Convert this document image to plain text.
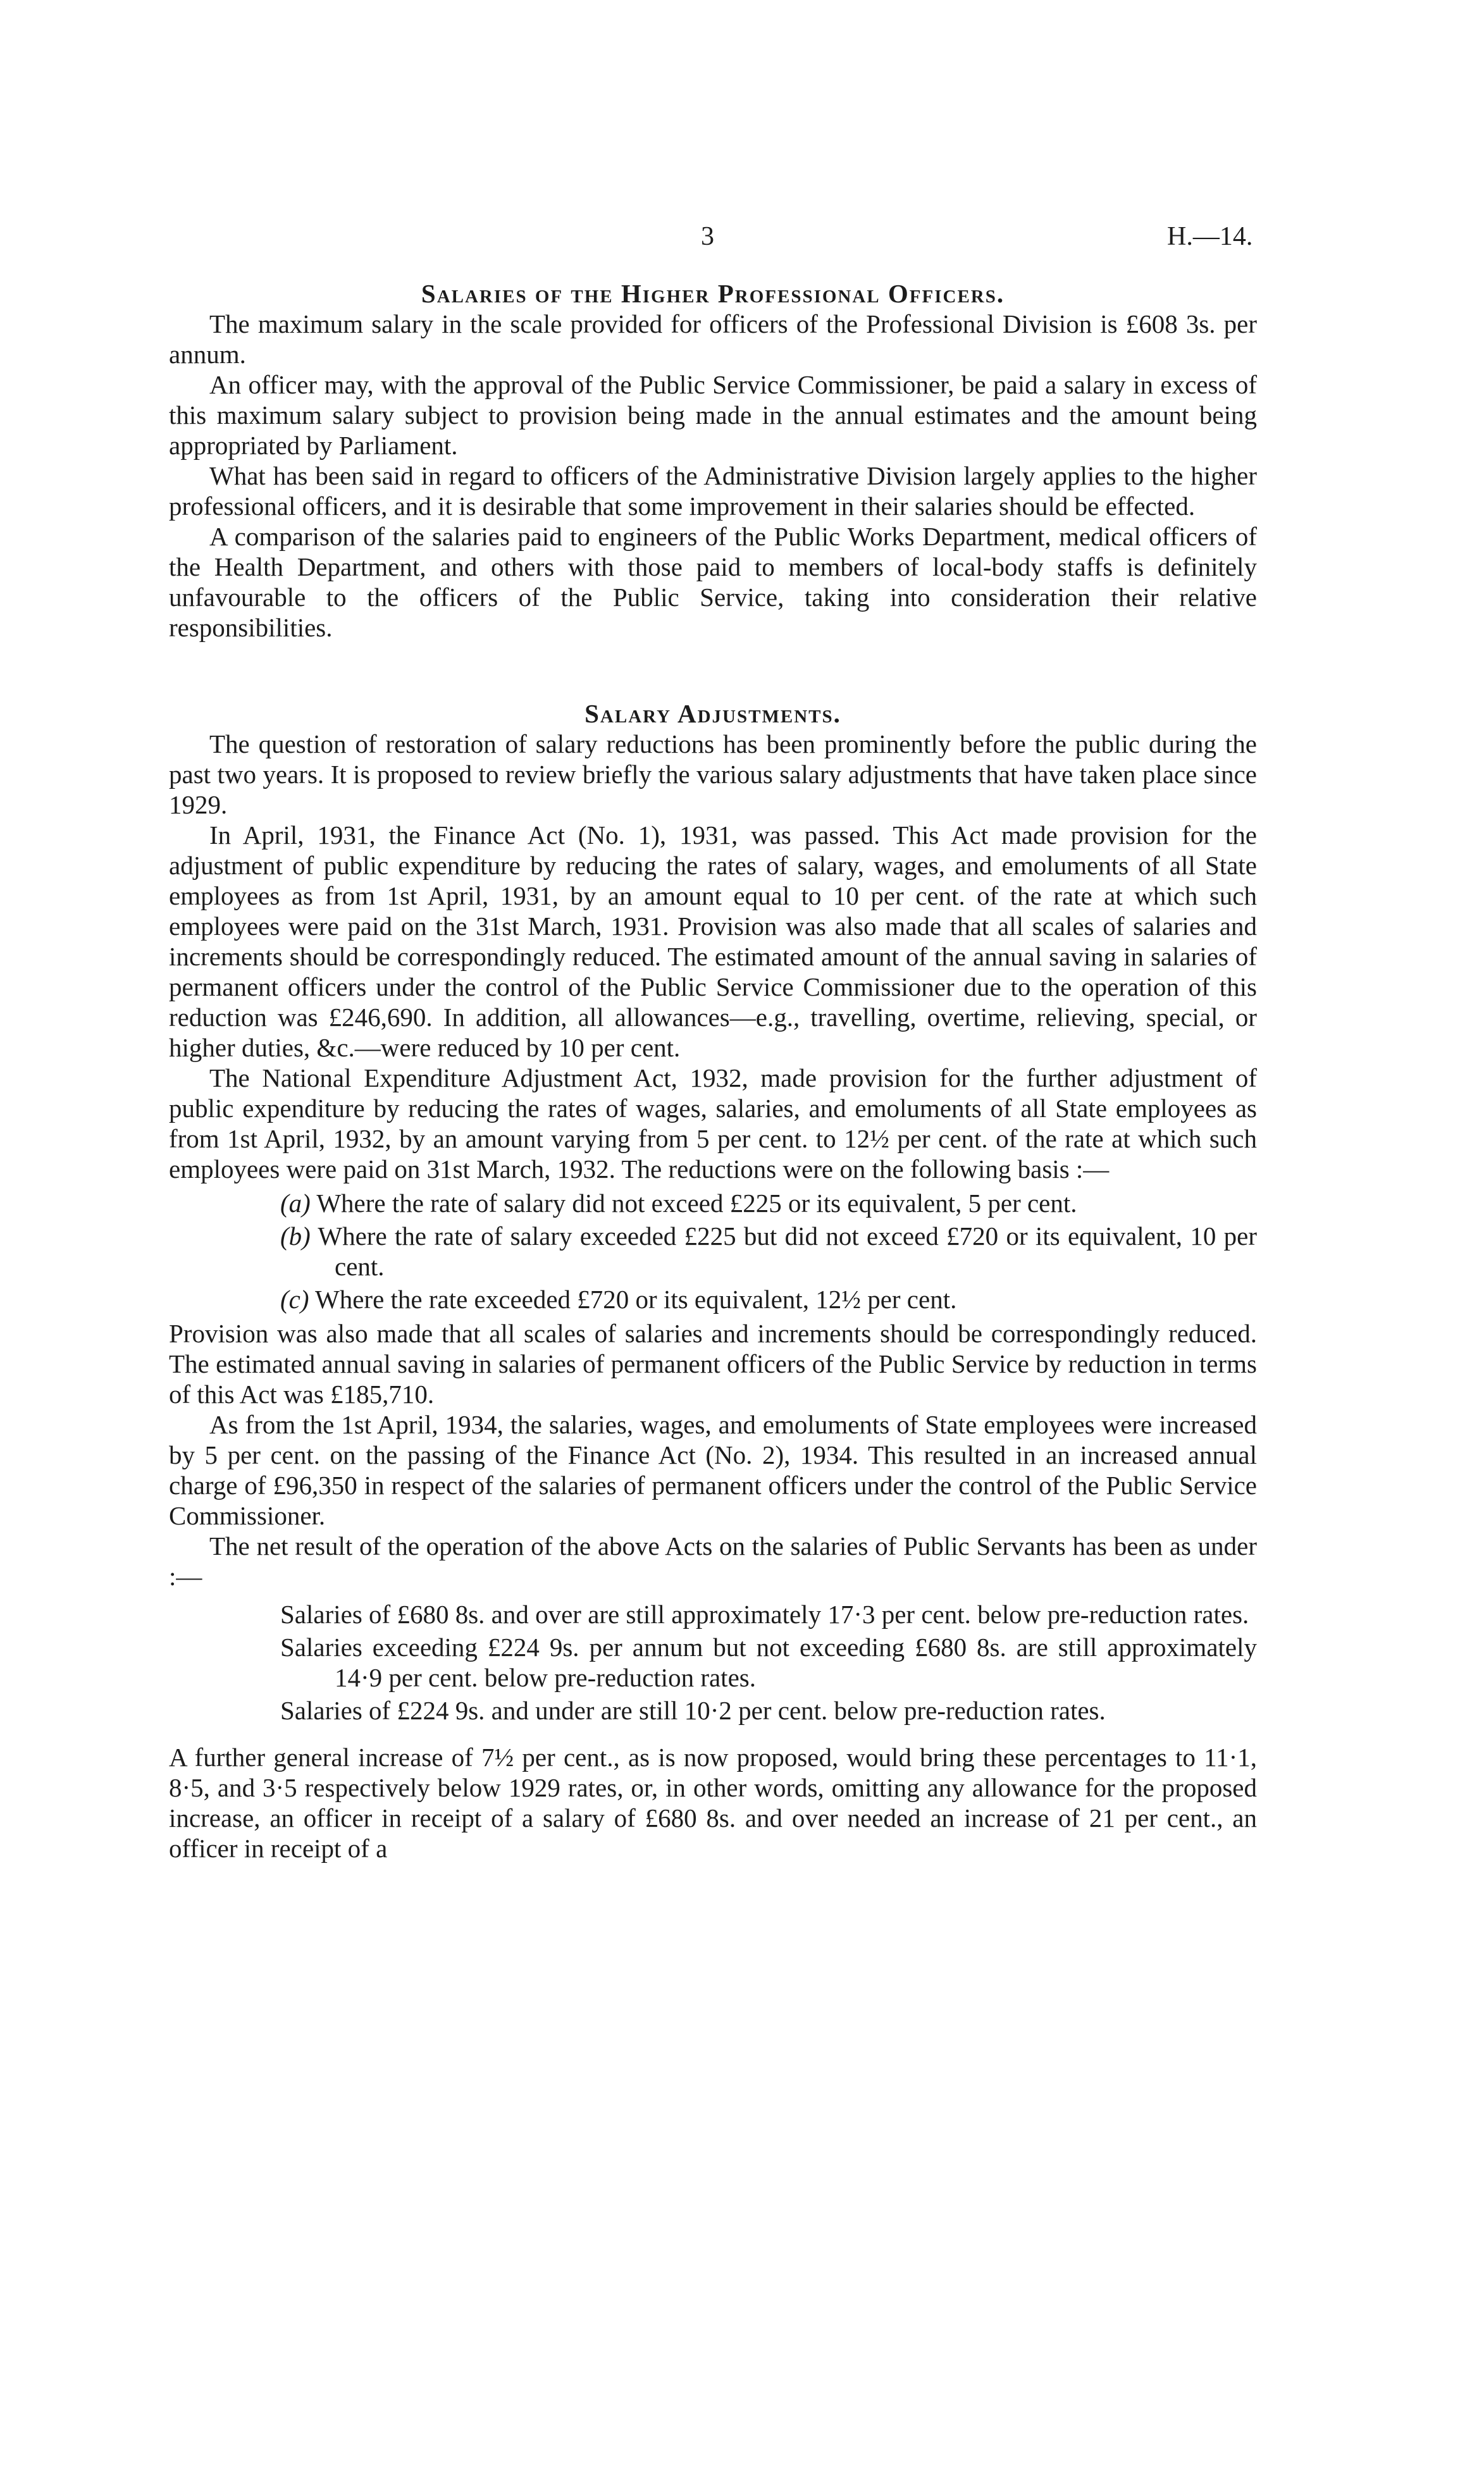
3	H.—14.
Salaries of the Higher Professional Officers.

The maximum salary in the scale provided for officers of the Professional Division is £608 3s. per annum.

An officer may, with the approval of the Public Service Commissioner, be paid a salary in excess of this maximum salary subject to provision being made in the annual estimates and the amount being appropriated by Parliament.

What has been said in regard to officers of the Administrative Division largely applies to the higher professional officers, and it is desirable that some improvement in their salaries should be effected.

A comparison of the salaries paid to engineers of the Public Works Department, medical officers of the Health Department, and others with those paid to members of local-body staffs is definitely unfavourable to the officers of the Public Service, taking into consideration their relative responsibilities.

Salary Adjustments.

The question of restoration of salary reductions has been prominently before the public during the past two years. It is proposed to review briefly the various salary adjustments that have taken place since 1929.

In April, 1931, the Finance Act (No. 1), 1931, was passed. This Act made provision for the adjustment of public expenditure by reducing the rates of salary, wages, and emoluments of all State employees as from 1st April, 1931, by an amount equal to 10 per cent. of the rate at which such employees were paid on the 31st March, 1931. Provision was also made that all scales of salaries and increments should be correspondingly reduced. The estimated amount of the annual saving in salaries of permanent officers under the control of the Public Service Commissioner due to the operation of this reduction was £246,690. In addition, all allowances—e.g., travelling, overtime, relieving, special, or higher duties, &c.—were reduced by 10 per cent.

The National Expenditure Adjustment Act, 1932, made provision for the further adjustment of public expenditure by reducing the rates of wages, salaries, and emoluments of all State employees as from 1st April, 1932, by an amount varying from 5 per cent. to 12½ per cent. of the rate at which such employees were paid on 31st March, 1932. The reductions were on the following basis :—

(a) Where the rate of salary did not exceed £225 or its equivalent, 5 per cent.
(b) Where the rate of salary exceeded £225 but did not exceed £720 or its equivalent, 10 per cent.
(c) Where the rate exceeded £720 or its equivalent, 12½ per cent.

Provision was also made that all scales of salaries and increments should be correspondingly reduced. The estimated annual saving in salaries of permanent officers of the Public Service by reduction in terms of this Act was £185,710.

As from the 1st April, 1934, the salaries, wages, and emoluments of State employees were increased by 5 per cent. on the passing of the Finance Act (No. 2), 1934. This resulted in an increased annual charge of £96,350 in respect of the salaries of permanent officers under the control of the Public Service Commissioner.

The net result of the operation of the above Acts on the salaries of Public Servants has been as under :—

Salaries of £680 8s. and over are still approximately 17·3 per cent. below pre-reduction rates.
Salaries exceeding £224 9s. per annum but not exceeding £680 8s. are still approximately 14·9 per cent. below pre-reduction rates.
Salaries of £224 9s. and under are still 10·2 per cent. below pre-reduction rates.

A further general increase of 7½ per cent., as is now proposed, would bring these percentages to 11·1, 8·5, and 3·5 respectively below 1929 rates, or, in other words, omitting any allowance for the proposed increase, an officer in receipt of a salary of £680 8s. and over needed an increase of 21 per cent., an officer in receipt of a
